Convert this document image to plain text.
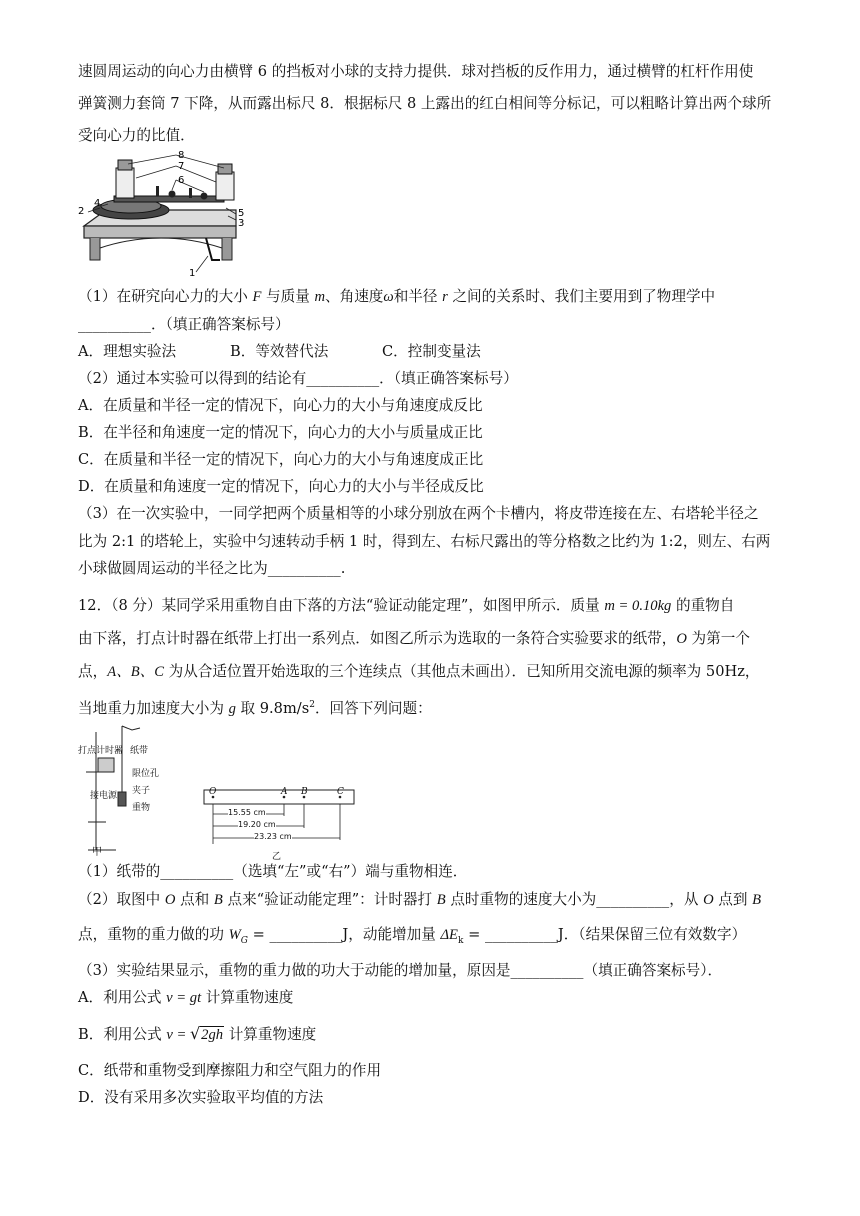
速圆周运动的向心力由横臂 6 的挡板对小球的支持力提供．球对挡板的反作用力，通过横臂的杠杆作用使
弹簧测力套筒 7 下降，从而露出标尺 8．根据标尺 8 上露出的红白相间等分标记，可以粗略计算出两个球所
受向心力的比值．
8
7
6
2
4
5
3
1
（1）在研究向心力的大小 F 与质量 m、角速度ω和半径 r 之间的关系时、我们主要用到了物理学中
__________．（填正确答案标号）
A．理想实验法	B．等效替代法	C．控制变量法
（2）通过本实验可以得到的结论有__________．（填正确答案标号）
A．在质量和半径一定的情况下，向心力的大小与角速度成反比
B．在半径和角速度一定的情况下，向心力的大小与质量成正比
C．在质量和半径一定的情况下，向心力的大小与角速度成正比
D．在质量和角速度一定的情况下，向心力的大小与半径成反比
（3）在一次实验中，一同学把两个质量相等的小球分别放在两个卡槽内，将皮带连接在左、右塔轮半径之
比为 2:1 的塔轮上，实验中匀速转动手柄 1 时，得到左、右标尺露出的等分格数之比约为 1:2，则左、右两
小球做圆周运动的半径之比为__________.
12．（8 分）某同学采用重物自由下落的方法“验证动能定理”，如图甲所示．质量 m = 0.10kg 的重物自
由下落，打点计时器在纸带上打出一系列点．如图乙所示为选取的一条符合实验要求的纸带，O 为第一个
点，A、B、C 为从合适位置开始选取的三个连续点（其他点未画出）．已知所用交流电源的频率为 50Hz，
当地重力加速度大小为 g 取 $9.8m/s^2$．回答下列问题：
打点计时器 纸带
限位孔
接电源 夹子
重物
甲
O	A B	C
15.55 cm
19.20 cm
23.23 cm
乙
（1）纸带的__________（选填“左”或“右”）端与重物相连．
（2）取图中 O 点和 B 点来“验证动能定理”：计时器打 B 点时重物的速度大小为__________，从 O 点到 B
点，重物的重力做的功 $W_G$ = __________J，动能增加量 $\Delta E_k$ = __________J．（结果保留三位有效数字）
（3）实验结果显示，重物的重力做的功大于动能的增加量，原因是__________（填正确答案标号）．
A．利用公式 v = gt 计算重物速度
B．利用公式 v = √2gh 计算重物速度
C．纸带和重物受到摩擦阻力和空气阻力的作用
D．没有采用多次实验取平均值的方法
